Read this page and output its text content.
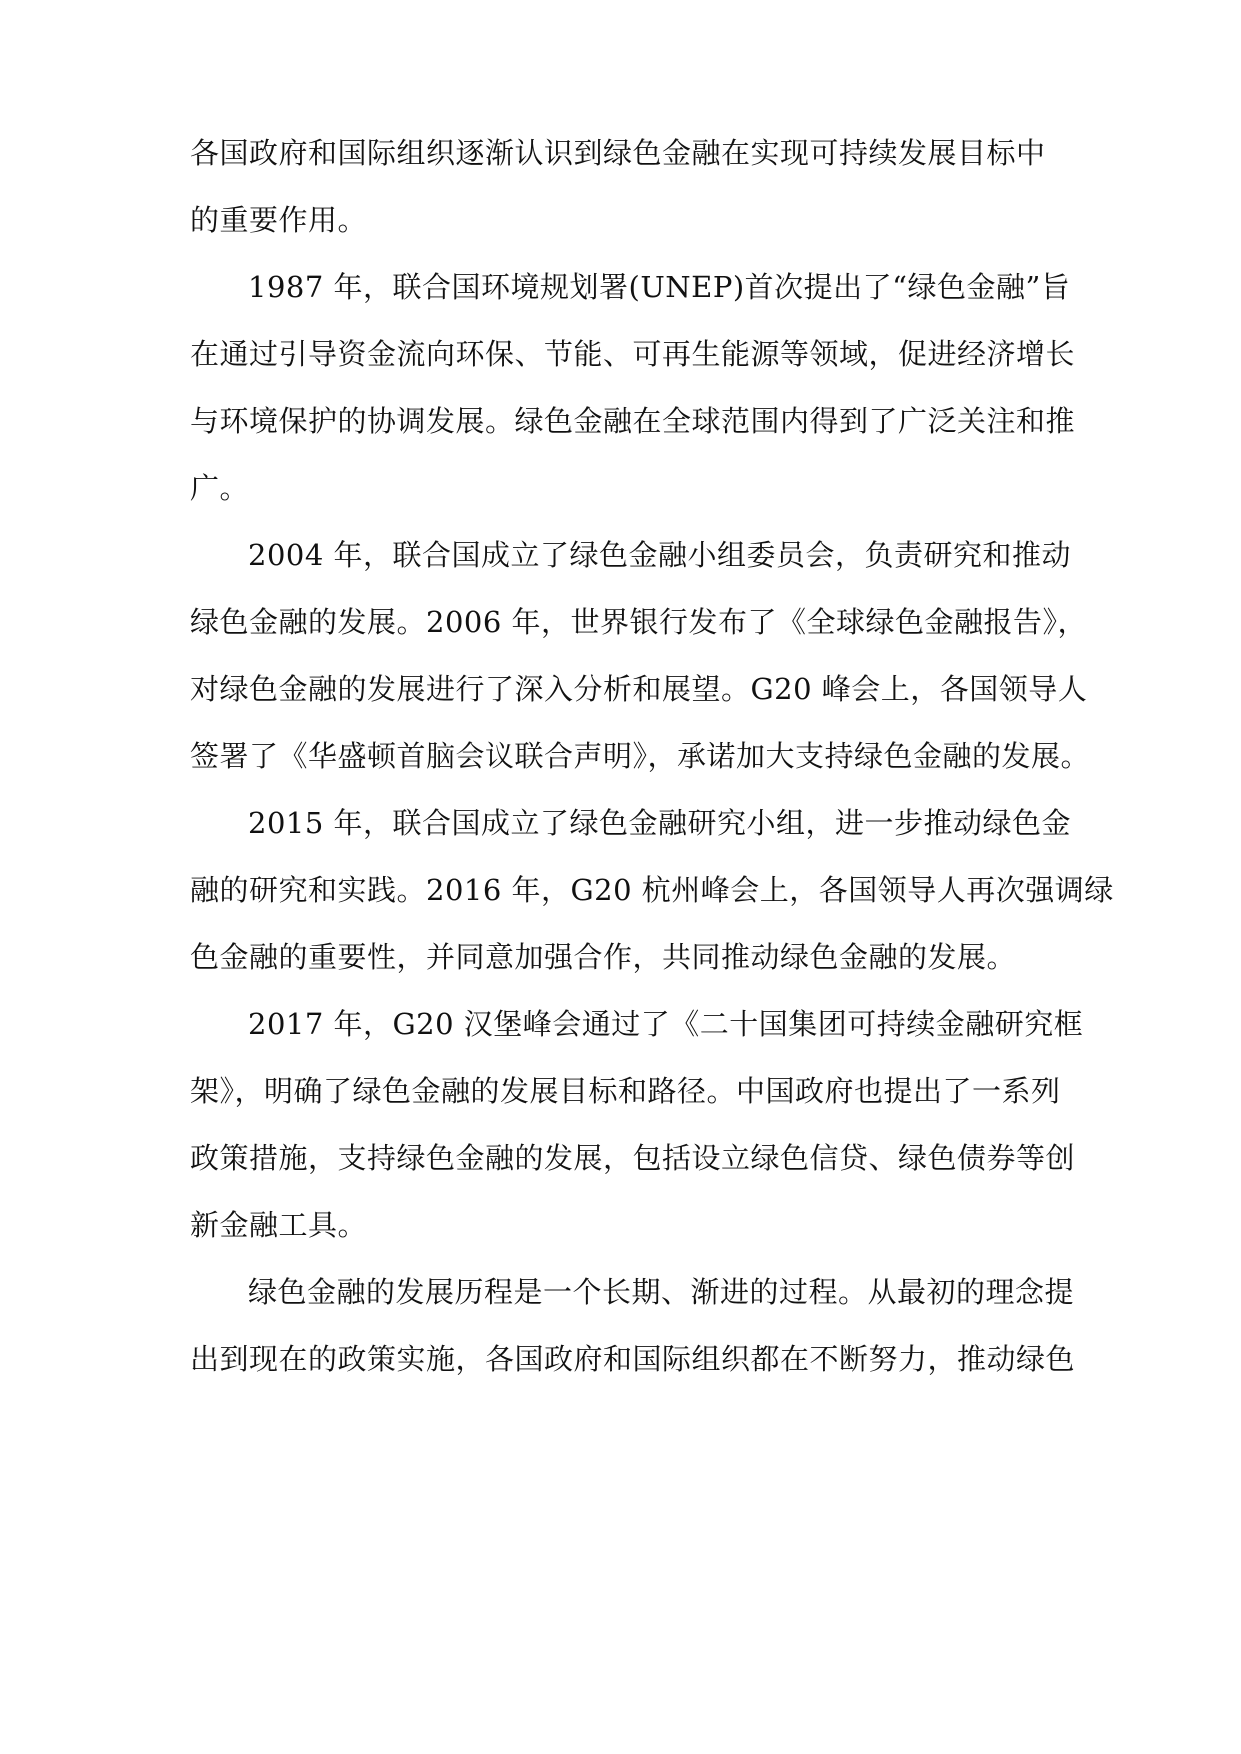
各国政府和国际组织逐渐认识到绿色金融在实现可持续发展目标中
的重要作用。
1987 年，联合国环境规划署(UNEP)首次提出了“绿色金融”旨
在通过引导资金流向环保、节能、可再生能源等领域，促进经济增长
与环境保护的协调发展。绿色金融在全球范围内得到了广泛关注和推
广。
2004 年，联合国成立了绿色金融小组委员会，负责研究和推动
绿色金融的发展。2006 年，世界银行发布了《全球绿色金融报告》，
对绿色金融的发展进行了深入分析和展望。G20 峰会上，各国领导人
签署了《华盛顿首脑会议联合声明》，承诺加大支持绿色金融的发展。
2015 年，联合国成立了绿色金融研究小组，进一步推动绿色金
融的研究和实践。2016 年，G20 杭州峰会上，各国领导人再次强调绿
色金融的重要性，并同意加强合作，共同推动绿色金融的发展。
2017 年，G20 汉堡峰会通过了《二十国集团可持续金融研究框
架》，明确了绿色金融的发展目标和路径。中国政府也提出了一系列
政策措施，支持绿色金融的发展，包括设立绿色信贷、绿色债券等创
新金融工具。
绿色金融的发展历程是一个长期、渐进的过程。从最初的理念提
出到现在的政策实施，各国政府和国际组织都在不断努力，推动绿色
